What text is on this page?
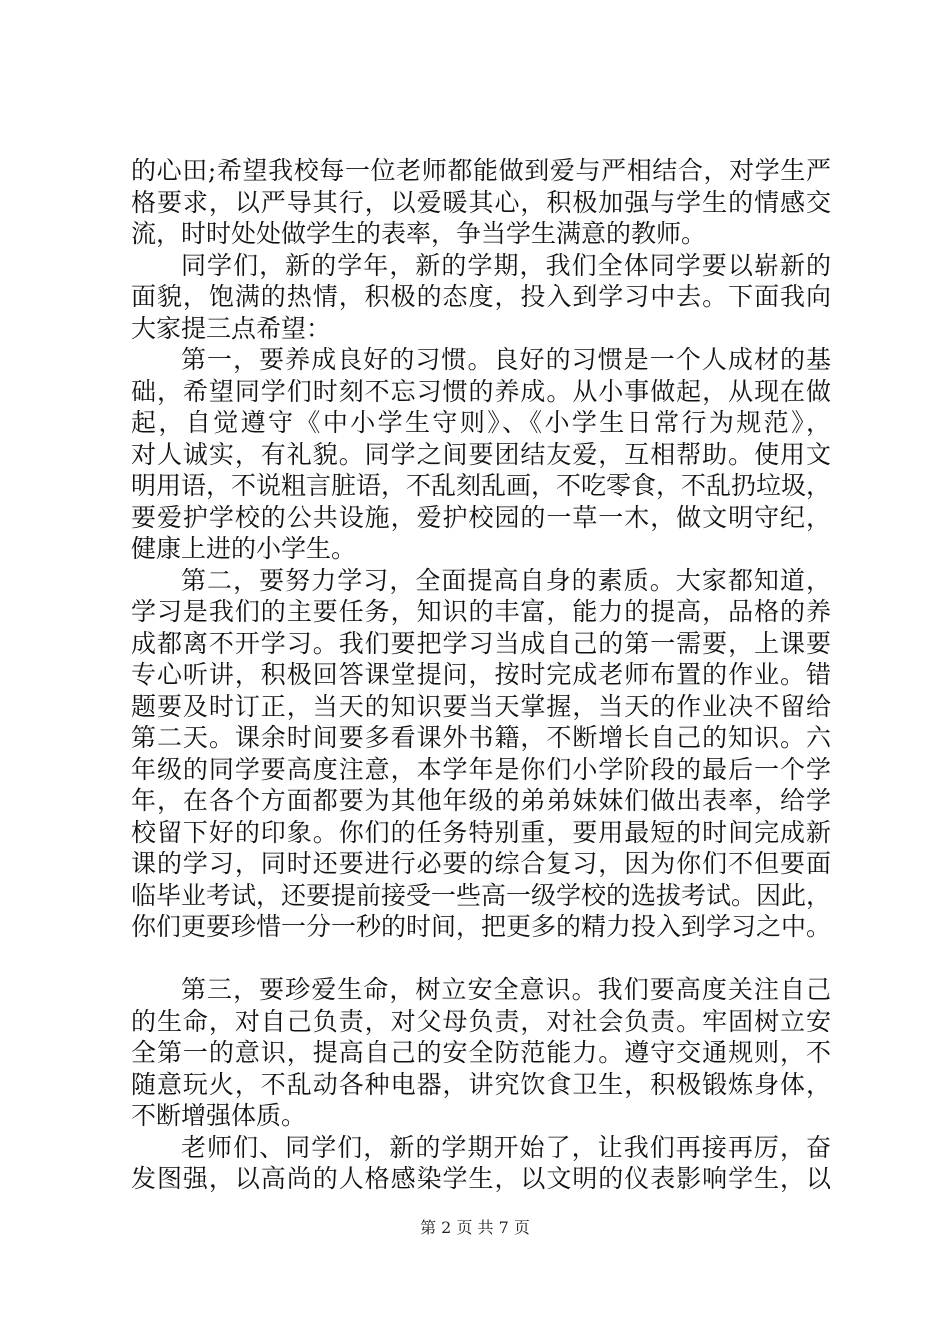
的心田;希望我校每一位老师都能做到爱与严相结合，对学生严
格要求，以严导其行，以爱暖其心，积极加强与学生的情感交
流，时时处处做学生的表率，争当学生满意的教师。
同学们，新的学年，新的学期，我们全体同学要以崭新的
面貌，饱满的热情，积极的态度，投入到学习中去。下面我向
大家提三点希望：
第一，要养成良好的习惯。良好的习惯是一个人成材的基
础，希望同学们时刻不忘习惯的养成。从小事做起，从现在做
起，自觉遵守《中小学生守则》、《小学生日常行为规范》，
对人诚实，有礼貌。同学之间要团结友爱，互相帮助。使用文
明用语，不说粗言脏语，不乱刻乱画，不吃零食，不乱扔垃圾，
要爱护学校的公共设施，爱护校园的一草一木，做文明守纪，
健康上进的小学生。
第二，要努力学习，全面提高自身的素质。大家都知道，
学习是我们的主要任务，知识的丰富，能力的提高，品格的养
成都离不开学习。我们要把学习当成自己的第一需要，上课要
专心听讲，积极回答课堂提问，按时完成老师布置的作业。错
题要及时订正，当天的知识要当天掌握，当天的作业决不留给
第二天。课余时间要多看课外书籍，不断增长自己的知识。六
年级的同学要高度注意，本学年是你们小学阶段的最后一个学
年，在各个方面都要为其他年级的弟弟妹妹们做出表率，给学
校留下好的印象。你们的任务特别重，要用最短的时间完成新
课的学习，同时还要进行必要的综合复习，因为你们不但要面
临毕业考试，还要提前接受一些高一级学校的选拔考试。因此，
你们更要珍惜一分一秒的时间，把更多的精力投入到学习之中。
第三，要珍爱生命，树立安全意识。我们要高度关注自己
的生命，对自己负责，对父母负责，对社会负责。牢固树立安
全第一的意识，提高自己的安全防范能力。遵守交通规则，不
随意玩火，不乱动各种电器，讲究饮食卫生，积极锻炼身体，
不断增强体质。
老师们、同学们，新的学期开始了，让我们再接再厉，奋
发图强，以高尚的人格感染学生，以文明的仪表影响学生，以
第 2 页 共 7 页
